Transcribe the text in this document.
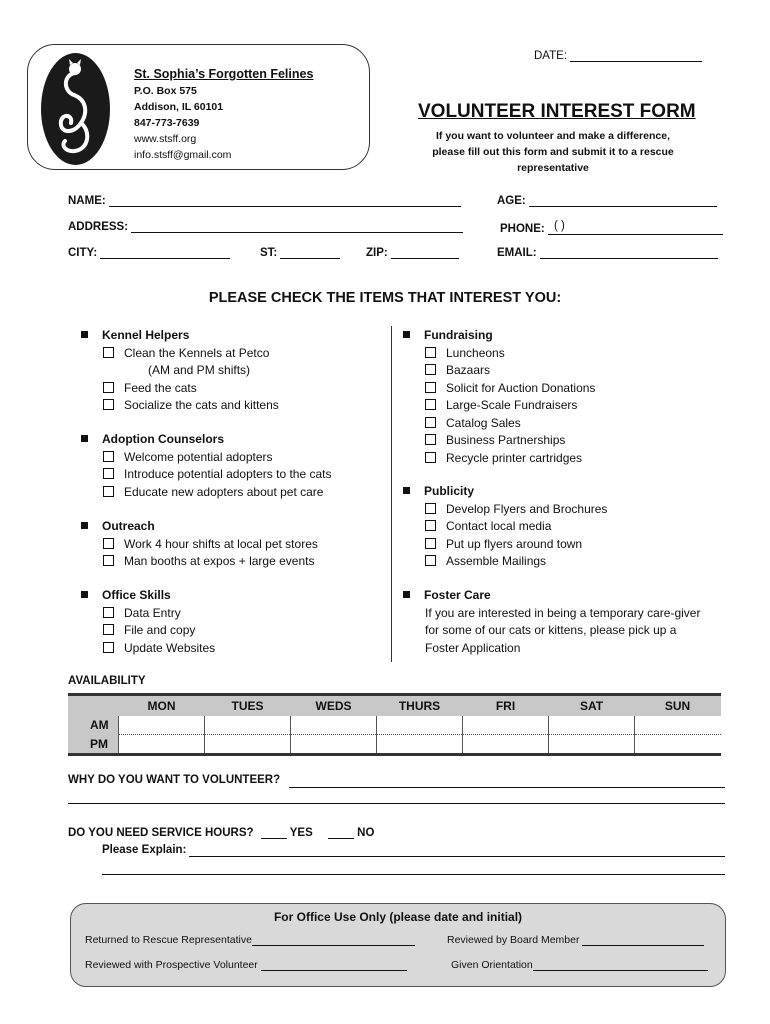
DATE:
St. Sophia’s Forgotten Felines
P.O. Box 575
Addison, IL 60101
847-773-7639
www.stsff.org
info.stsff@gmail.com
VOLUNTEER INTEREST FORM
If you want to volunteer and make a difference,
please fill out this form and submit it to a rescue
representative
NAME:	AGE:
ADDRESS:	PHONE: ( )
CITY:	ST:	ZIP:	EMAIL:
PLEASE CHECK THE ITEMS THAT INTEREST YOU:
Kennel Helpers
Clean the Kennels at Petco
(AM and PM shifts)
Feed the cats
Socialize the cats and kittens
Adoption Counselors
Welcome potential adopters
Introduce potential adopters to the cats
Educate new adopters about pet care
Outreach
Work 4 hour shifts at local pet stores
Man booths at expos + large events
Office Skills
Data Entry
File and copy
Update Websites
Fundraising
Luncheons
Bazaars
Solicit for Auction Donations
Large-Scale Fundraisers
Catalog Sales
Business Partnerships
Recycle printer cartridges
Publicity
Develop Flyers and Brochures
Contact local media
Put up flyers around town
Assemble Mailings
Foster Care
If you are interested in being a temporary care-giver
for some of our cats or kittens, please pick up a
Foster Application
AVAILABILITY
	MON	TUES	WEDS	THURS	FRI	SAT	SUN
AM							
PM							
WHY DO YOU WANT TO VOLUNTEER?
DO YOU NEED SERVICE HOURS?	YES	NO
Please Explain:
For Office Use Only (please date and initial)
Returned to Rescue Representative	Reviewed by Board Member
Reviewed with Prospective Volunteer	Given Orientation
